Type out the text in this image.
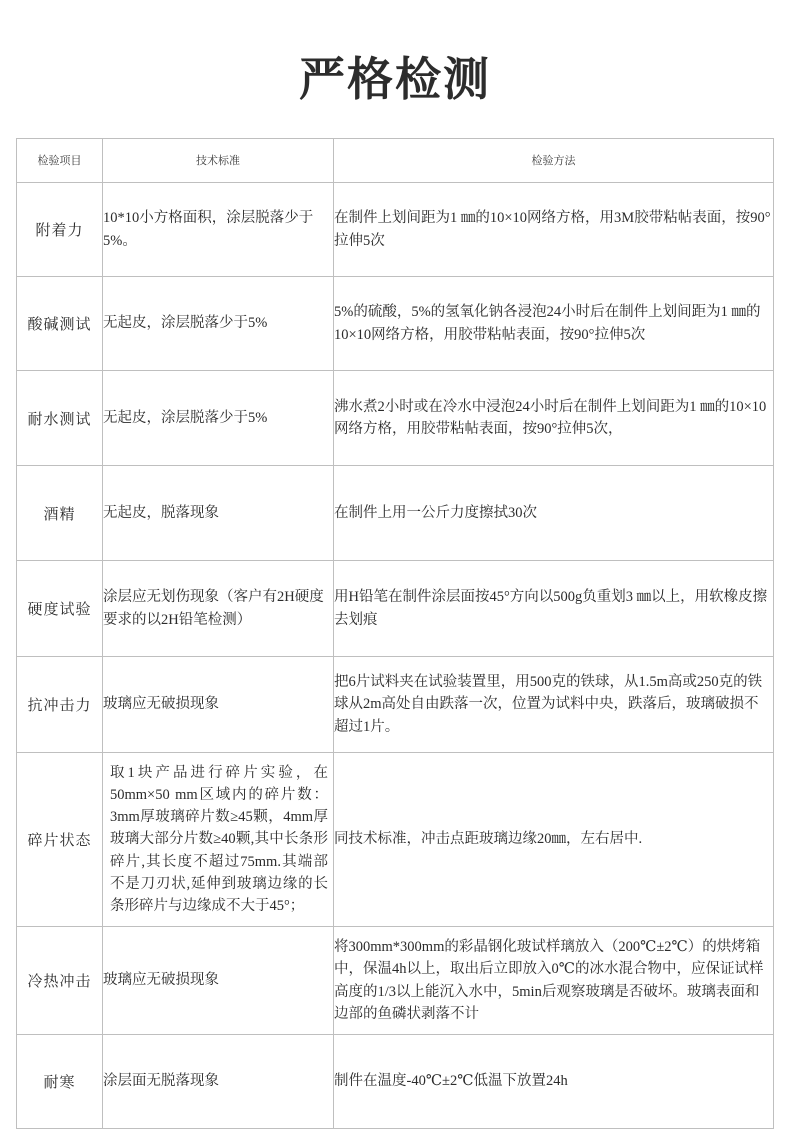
严格检测
检验项目	技术标准	检验方法
附着力	10*10小方格面积，涂层脱落少于5%。	在制件上划间距为1 ㎜的10×10网络方格，用3M胶带粘帖表面，按90°拉伸5次
酸碱测试	无起皮，涂层脱落少于5%	5%的硫酸，5%的氢氧化钠各浸泡24小时后在制件上划间距为1 ㎜的10×10网络方格，用胶带粘帖表面，按90°拉伸5次
耐水测试	无起皮，涂层脱落少于5%	沸水煮2小时或在冷水中浸泡24小时后在制件上划间距为1 ㎜的10×10网络方格，用胶带粘帖表面，按90°拉伸5次，
酒精	无起皮，脱落现象	在制件上用一公斤力度擦拭30次
硬度试验	涂层应无划伤现象（客户有2H硬度要求的以2H铅笔检测）	用H铅笔在制件涂层面按45°方向以500g负重划3 ㎜以上，用软橡皮擦去划痕
抗冲击力	玻璃应无破损现象	把6片试料夹在试验装置里，用500克的铁球，从1.5m高或250克的铁球从2m高处自由跌落一次，位置为试料中央，跌落后，玻璃破损不超过1片。
碎片状态	取1块产品进行碎片实验，在50mm×50 mm区域内的碎片数：3mm厚玻璃碎片数≥45颗，4mm厚玻璃大部分片数≥40颗,其中长条形碎片,其长度不超过75mm.其端部不是刀刃状,延伸到玻璃边缘的长条形碎片与边缘成不大于45°；	同技术标准，冲击点距玻璃边缘20㎜，左右居中.
冷热冲击	玻璃应无破损现象	将300mm*300mm的彩晶钢化玻试样璃放入（200℃±2℃）的烘烤箱中，保温4h以上，取出后立即放入0℃的冰水混合物中，应保证试样高度的1/3以上能沉入水中，5min后观察玻璃是否破坏。玻璃表面和边部的鱼磷状剥落不计
耐寒	涂层面无脱落现象	制件在温度-40℃±2℃低温下放置24h
